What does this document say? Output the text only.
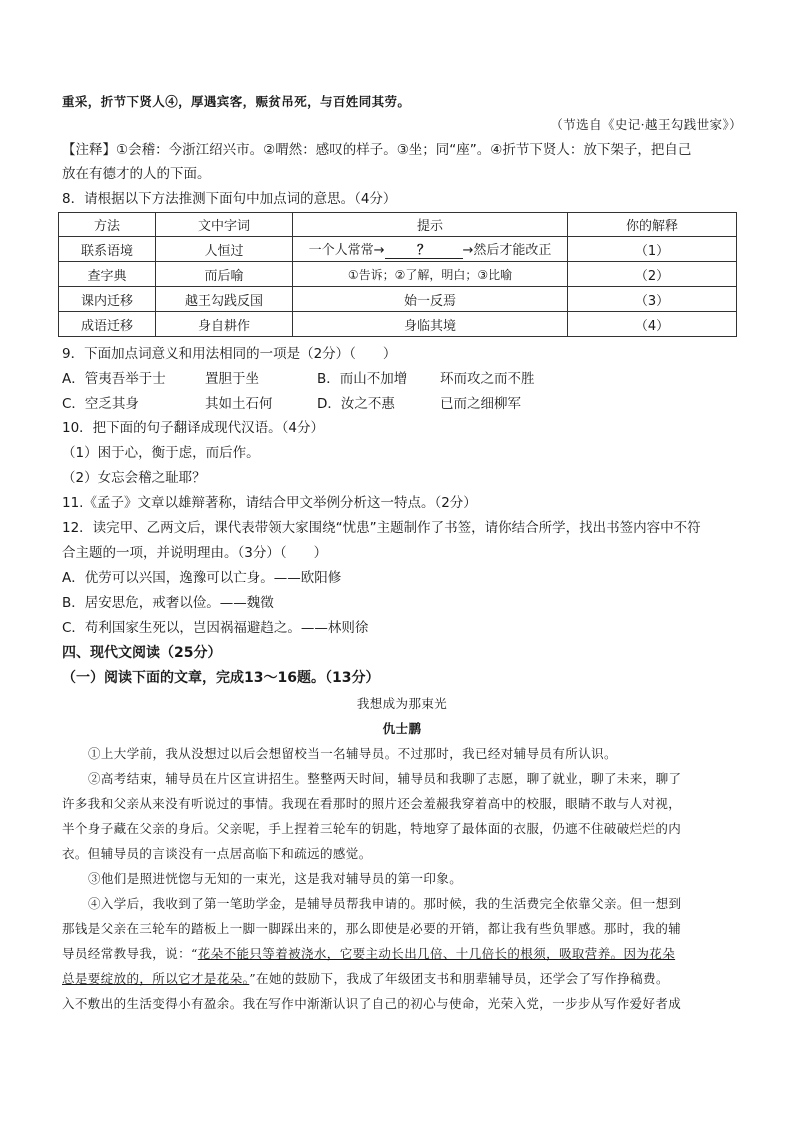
重采，折节下贤人④，厚遇宾客，赈贫吊死，与百姓同其劳。
（节选自《史记·越王勾践世家》）
【注释】①会稽：今浙江绍兴市。②喟然：感叹的样子。③坐；同“座”。④折节下贤人：放下架子，把自己
放在有德才的人的下面。
8．请根据以下方法推测下面句中加点词的意思。（4分）
方法	文中字词	提示	你的解释
联系语境	人恒过	一个人常常→ ？ →然后才能改正	（1）
查字典	而后喻	①告诉；②了解，明白；③比喻	（2）
课内迁移	越王勾践反国	始一反焉	（3）
成语迁移	身自耕作	身临其境	（4）
9．下面加点词意义和用法相同的一项是（2分）（　　）
A．管夷吾举于士	置胆于坐	B．而山不加增 环而攻之而不胜
C．空乏其身	其如土石何	D．汝之不惠	已而之细柳军
10．把下面的句子翻译成现代汉语。（4分）
（1）困于心，衡于虑，而后作。
（2）女忘会稽之耻耶？
11.《孟子》文章以雄辩著称，请结合甲文举例分析这一特点。（2分）
12．读完甲、乙两文后，课代表带领大家围绕“忧患”主题制作了书签，请你结合所学，找出书签内容中不符
合主题的一项，并说明理由。（3分）（　　）
A．优劳可以兴国，逸豫可以亡身。——欧阳修
B．居安思危，戒奢以俭。——魏徵
C．苟利国家生死以，岂因祸福避趋之。——林则徐
四、现代文阅读（25分）
（一）阅读下面的文章，完成13～16题。（13分）
我想成为那束光
仇士鹏
①上大学前，我从没想过以后会想留校当一名辅导员。不过那时，我已经对辅导员有所认识。
②高考结束，辅导员在片区宣讲招生。整整两天时间，辅导员和我聊了志愿，聊了就业，聊了未来，聊了
许多我和父亲从来没有听说过的事情。我现在看那时的照片还会羞赧我穿着高中的校服，眼睛不敢与人对视，
半个身子藏在父亲的身后。父亲呢，手上捏着三轮车的钥匙，特地穿了最体面的衣服，仍遮不住破破烂烂的内
衣。但辅导员的言谈没有一点居高临下和疏远的感觉。
③他们是照进恍惚与无知的一束光，这是我对辅导员的第一印象。
④入学后，我收到了第一笔助学金，是辅导员帮我申请的。那时候，我的生活费完全依靠父亲。但一想到
那钱是父亲在三轮车的踏板上一脚一脚踩出来的，那么即使是必要的开销，都让我有些负罪感。那时，我的辅
导员经常教导我，说：“花朵不能只等着被浇水，它要主动长出几倍、十几倍长的根须，吸取营养。因为花朵
总是要绽放的，所以它才是花朵。”在她的鼓励下，我成了年级团支书和朋辈辅导员，还学会了写作挣稿费。
入不敷出的生活变得小有盈余。我在写作中渐渐认识了自己的初心与使命，光荣入党，一步步从写作爱好者成
